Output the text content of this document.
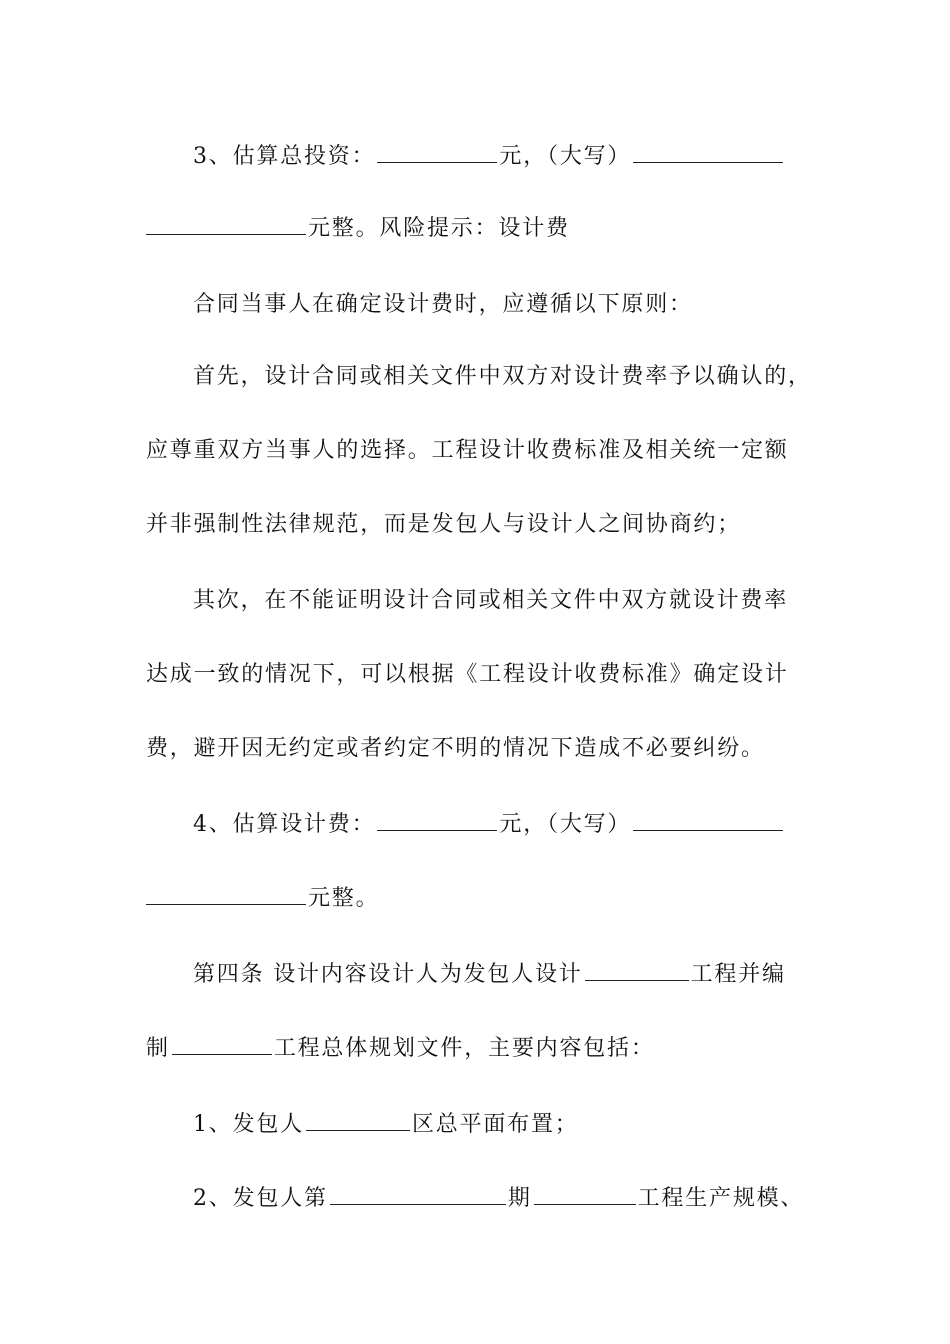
3、估算总投资：	元，（大写）
元整。风险提示：设计费
合同当事人在确定设计费时，应遵循以下原则：
首先，设计合同或相关文件中双方对设计费率予以确认的，
应尊重双方当事人的选择。工程设计收费标准及相关统一定额
并非强制性法律规范，而是发包人与设计人之间协商约；
其次，在不能证明设计合同或相关文件中双方就设计费率
达成一致的情况下，可以根据《工程设计收费标准》确定设计
费，避开因无约定或者约定不明的情况下造成不必要纠纷。
4、估算设计费：	元，（大写）
元整。
第四条 设计内容设计人为发包人设计	工程并编
制	工程总体规划文件，主要内容包括：
1、发包人	区总平面布置；
2、发包人第	期	工程生产规模、
